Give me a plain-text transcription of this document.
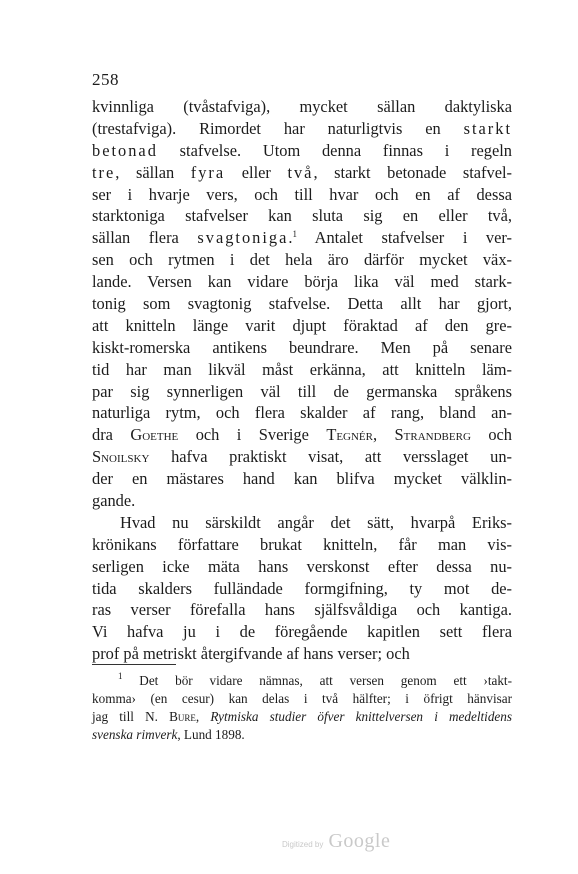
258
kvinnliga (tvåstafviga), mycket sällan daktyliska
(trestafviga). Rimordet har naturligtvis en starkt
betonad stafvelse. Utom denna finnas i regeln
tre, sällan fyra eller två, starkt betonade stafvel-
ser i hvarje vers, och till hvar och en af dessa
starktoniga stafvelser kan sluta sig en eller två,
sällan flera svagtoniga.$^1$ Antalet stafvelser i ver-
sen och rytmen i det hela äro därför mycket väx-
lande. Versen kan vidare börja lika väl med stark-
tonig som svagtonig stafvelse. Detta allt har gjort,
att knitteln länge varit djupt föraktad af den gre-
kiskt-romerska antikens beundrare. Men på senare
tid har man likväl måst erkänna, att knitteln läm-
par sig synnerligen väl till de germanska språkens
naturliga rytm, och flera skalder af rang, bland an-
dra Goethe och i Sverige Tegnér, Strandberg och
Snoilsky hafva praktiskt visat, att versslaget un-
der en mästares hand kan blifva mycket välklin-
gande.
Hvad nu särskildt angår det sätt, hvarpå Eriks-
krönikans författare brukat knitteln, får man vis-
serligen icke mäta hans verskonst efter dessa nu-
tida skalders fulländade formgifning, ty mot de-
ras verser förefalla hans själfsvåldiga och kantiga.
Vi hafva ju i de föregående kapitlen sett flera
prof på metriskt återgifvande af hans verser; och
$^1$ Det bör vidare nämnas, att versen genom ett ›takt-
komma› (en cesur) kan delas i två hälfter; i öfrigt hänvisar
jag till N. Bure, Rytmiska studier öfver knittelversen i medeltidens
svenska rimverk, Lund 1898.
Digitized by Google
